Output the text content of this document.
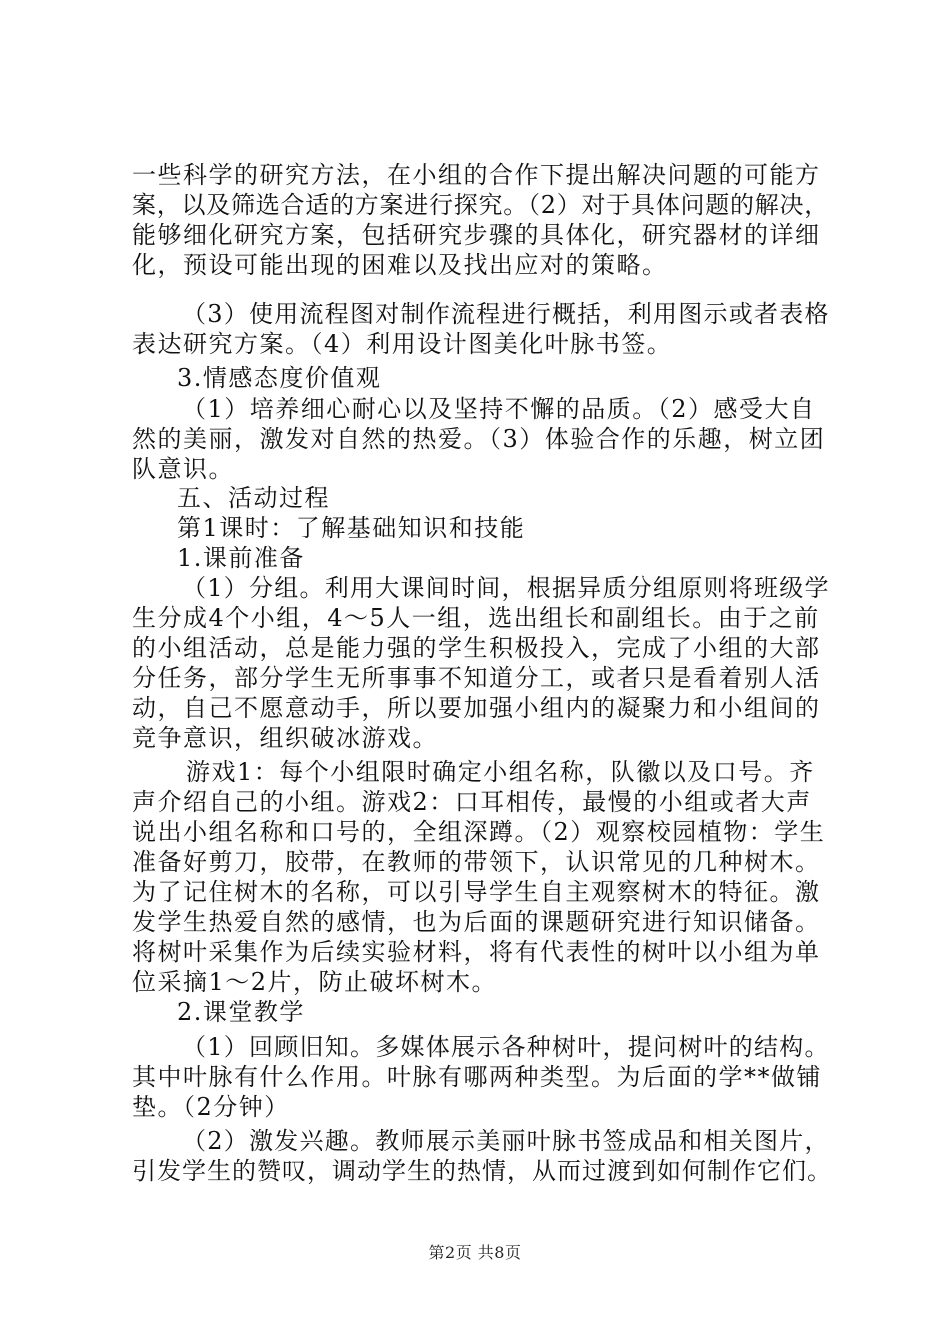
一些科学的研究方法，在小组的合作下提出解决问题的可能方
案，以及筛选合适的方案进行探究。（2）对于具体问题的解决，
能够细化研究方案，包括研究步骤的具体化，研究器材的详细
化，预设可能出现的困难以及找出应对的策略。
（3）使用流程图对制作流程进行概括，利用图示或者表格
表达研究方案。（4）利用设计图美化叶脉书签。
3.情感态度价值观
（1）培养细心耐心以及坚持不懈的品质。（2）感受大自
然的美丽，激发对自然的热爱。（3）体验合作的乐趣，树立团
队意识。
五、活动过程
第1课时：了解基础知识和技能
1.课前准备
（1）分组。利用大课间时间，根据异质分组原则将班级学
生分成4个小组，4～5人一组，选出组长和副组长。由于之前
的小组活动，总是能力强的学生积极投入，完成了小组的大部
分任务，部分学生无所事事不知道分工，或者只是看着别人活
动，自己不愿意动手，所以要加强小组内的凝聚力和小组间的
竞争意识，组织破冰游戏。
游戏1：每个小组限时确定小组名称，队徽以及口号。齐
声介绍自己的小组。游戏2：口耳相传，最慢的小组或者大声
说出小组名称和口号的，全组深蹲。（2）观察校园植物：学生
准备好剪刀，胶带，在教师的带领下，认识常见的几种树木。
为了记住树木的名称，可以引导学生自主观察树木的特征。激
发学生热爱自然的感情，也为后面的课题研究进行知识储备。
将树叶采集作为后续实验材料，将有代表性的树叶以小组为单
位采摘1～2片，防止破坏树木。
2.课堂教学
（1）回顾旧知。多媒体展示各种树叶，提问树叶的结构。
其中叶脉有什么作用。叶脉有哪两种类型。为后面的学**做铺
垫。（2分钟）
（2）激发兴趣。教师展示美丽叶脉书签成品和相关图片，
引发学生的赞叹，调动学生的热情，从而过渡到如何制作它们。
第2页 共8页
